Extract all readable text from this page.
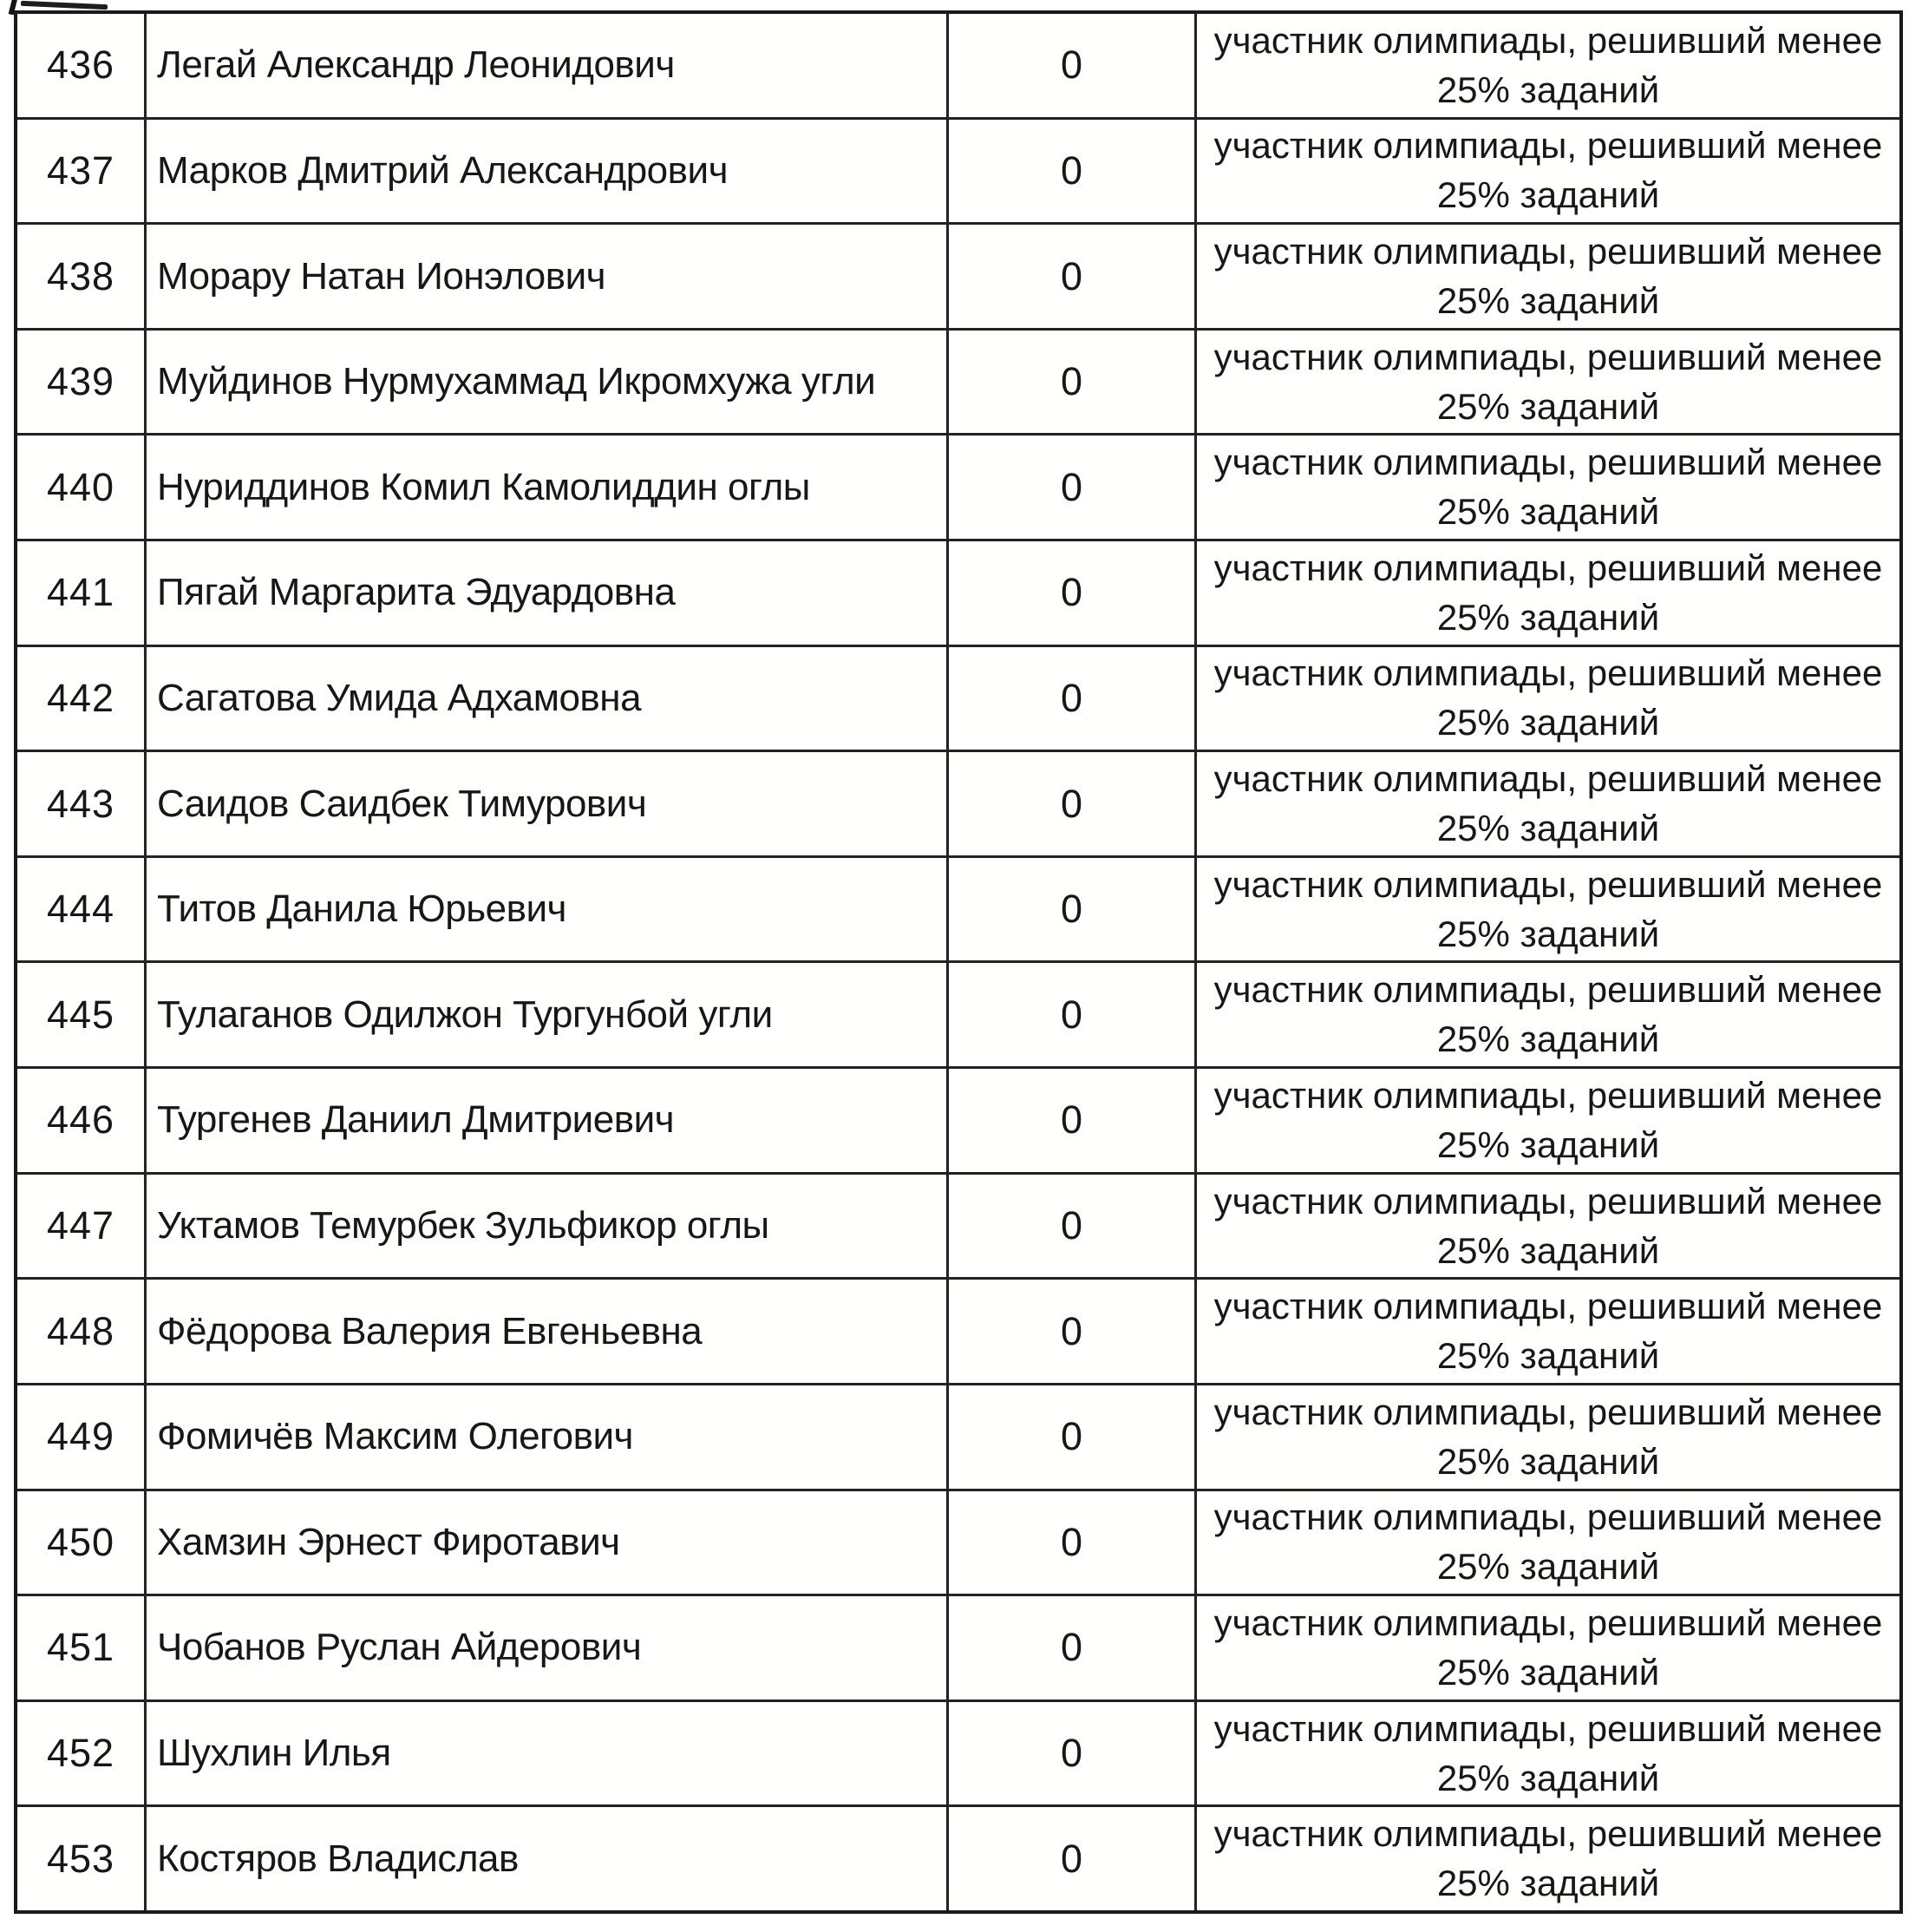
436	Легай Александр Леонидович	0
участник олимпиады, решивший менее
25% заданий
437	Марков Дмитрий Александрович	0
участник олимпиады, решивший менее
25% заданий
438	Морару Натан Ионэлович	0
участник олимпиады, решивший менее
25% заданий
439	Муйдинов Нурмухаммад Икромхужа угли	0
участник олимпиады, решивший менее
25% заданий
440	Нуриддинов Комил Камолиддин оглы	0
участник олимпиады, решивший менее
25% заданий
441	Пягай Маргарита Эдуардовна	0
участник олимпиады, решивший менее
25% заданий
442	Сагатова Умида Адхамовна	0
участник олимпиады, решивший менее
25% заданий
443	Саидов Саидбек Тимурович	0
участник олимпиады, решивший менее
25% заданий
444	Титов Данила Юрьевич	0
участник олимпиады, решивший менее
25% заданий
445	Тулаганов Одилжон Тургунбой угли	0
участник олимпиады, решивший менее
25% заданий
446	Тургенев Даниил Дмитриевич	0
участник олимпиады, решивший менее
25% заданий
447	Уктамов Темурбек Зульфикор оглы	0
участник олимпиады, решивший менее
25% заданий
448	Фёдорова Валерия Евгеньевна	0
участник олимпиады, решивший менее
25% заданий
449	Фомичёв Максим Олегович	0
участник олимпиады, решивший менее
25% заданий
450	Хамзин Эрнест Фиротавич	0
участник олимпиады, решивший менее
25% заданий
451	Чобанов Руслан Айдерович	0
участник олимпиады, решивший менее
25% заданий
452	Шухлин Илья	0
участник олимпиады, решивший менее
25% заданий
453	Костяров Владислав	0
участник олимпиады, решивший менее
25% заданий
